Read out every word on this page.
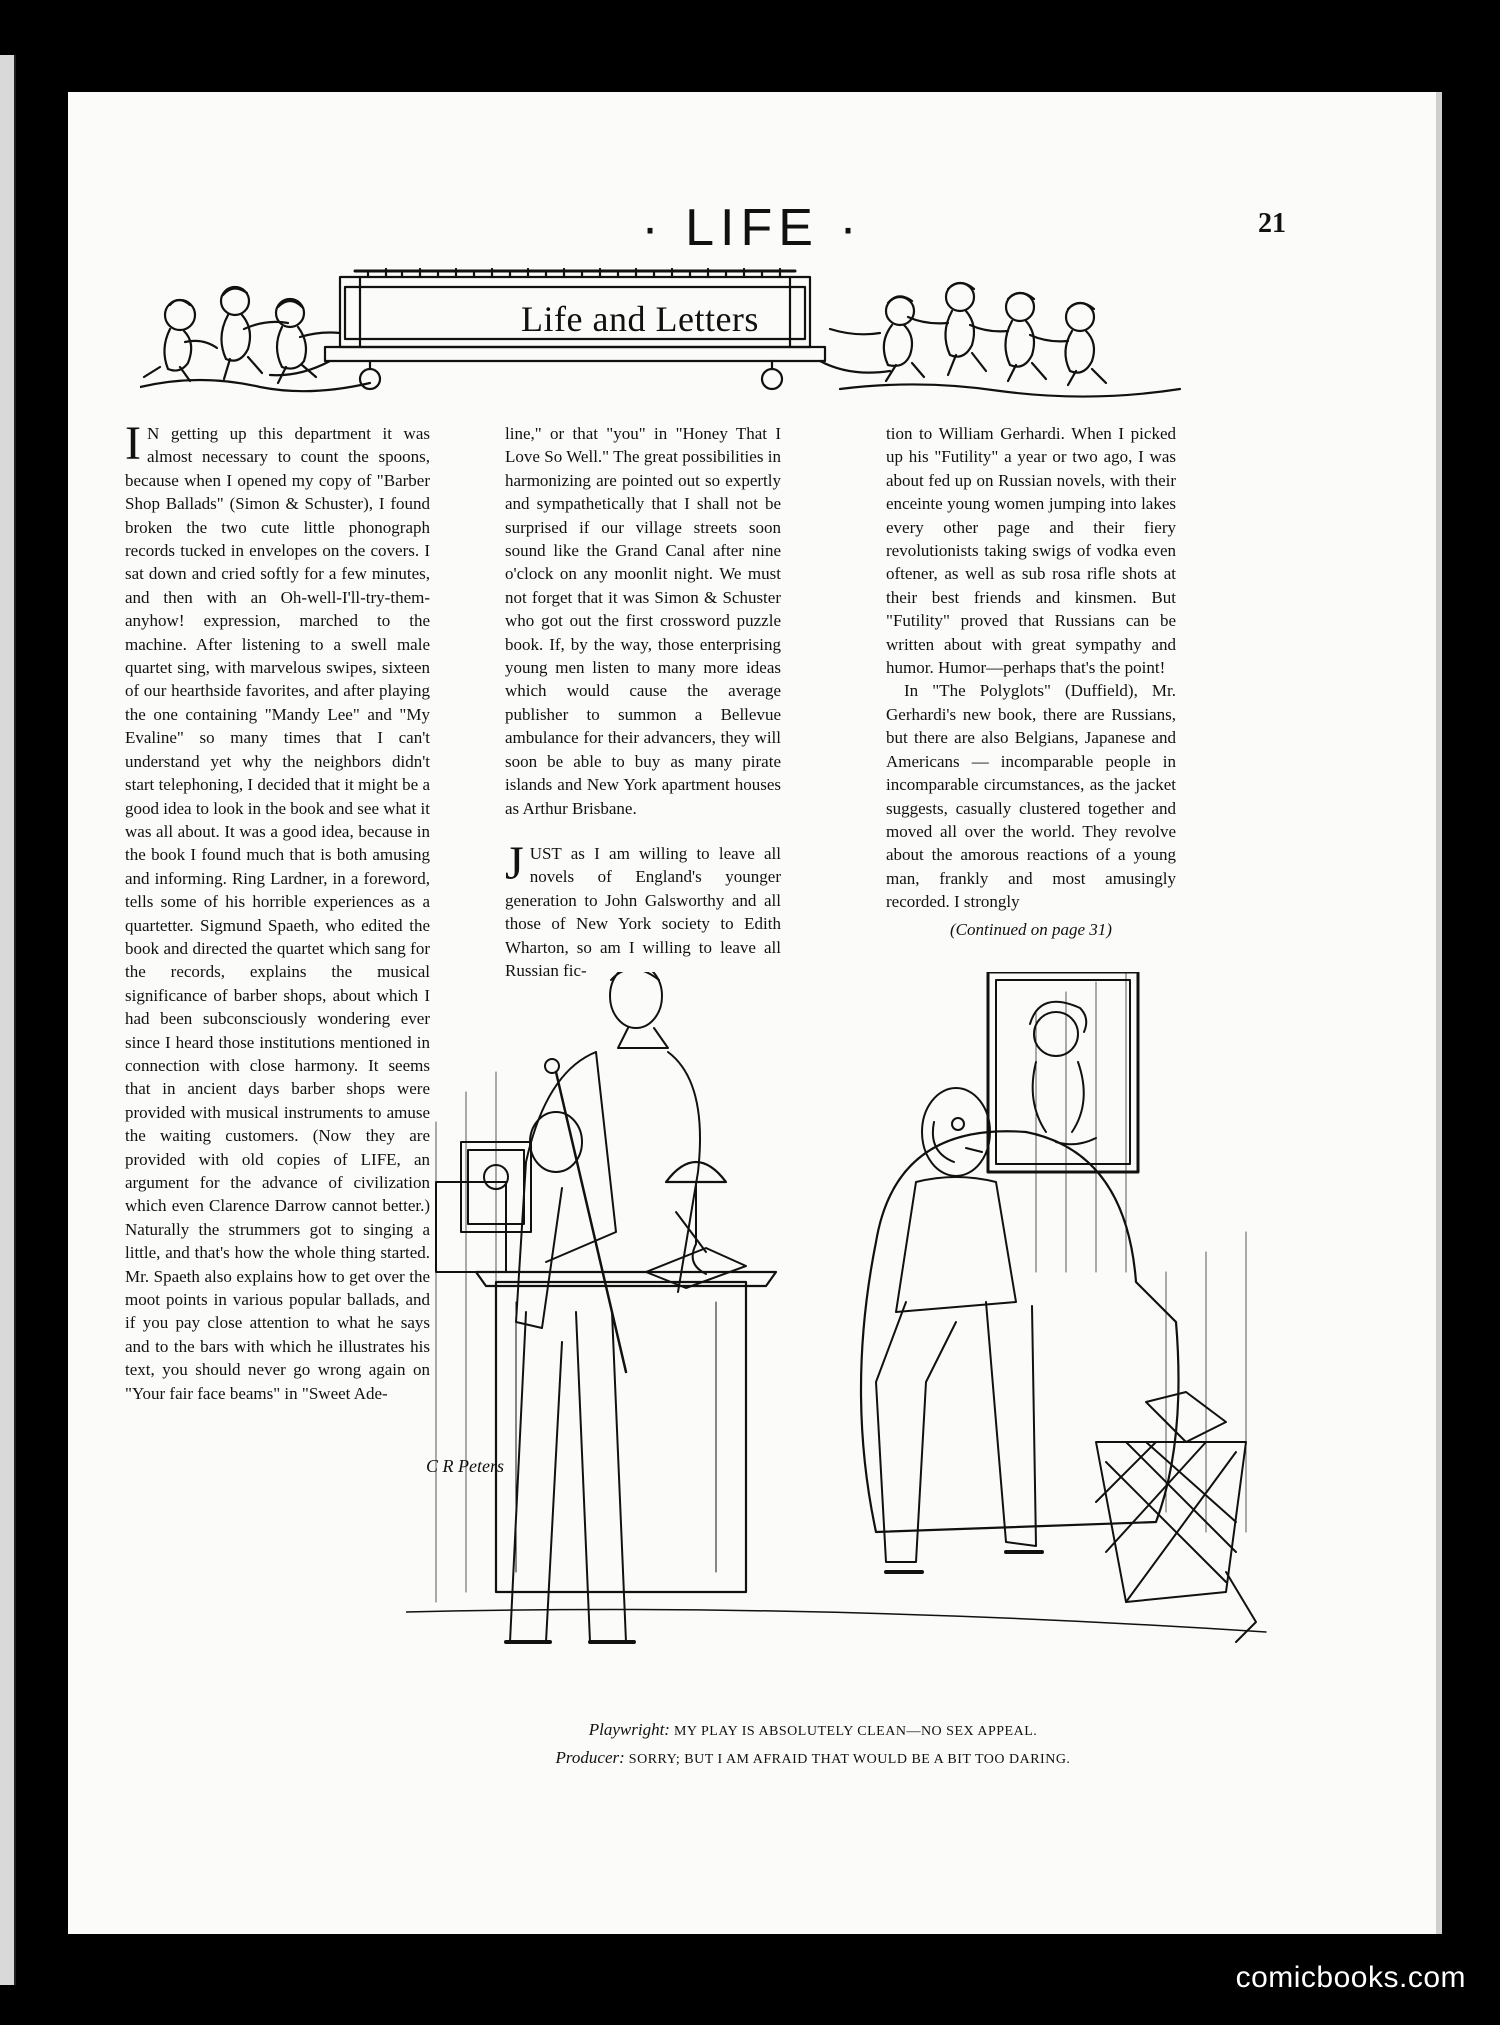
· LIFE ·	21
Life and Letters

I N getting up this department it was almost necessary to count the spoons, because when I opened my copy of "Barber Shop Ballads" (Simon & Schuster), I found broken the two cute little phonograph records tucked in envelopes on the covers. I sat down and cried softly for a few minutes, and then with an Oh-well-I'll-try-them-anyhow! expression, marched to the machine. After listening to a swell male quartet sing, with marvelous swipes, sixteen of our hearthside favorites, and after playing the one containing "Mandy Lee" and "My Evaline" so many times that I can't understand yet why the neighbors didn't start telephoning, I decided that it might be a good idea to look in the book and see what it was all about. It was a good idea, because in the book I found much that is both amusing and informing. Ring Lardner, in a foreword, tells some of his horrible experiences as a quartetter. Sigmund Spaeth, who edited the book and directed the quartet which sang for the records, explains the musical significance of barber shops, about which I had been subconsciously wondering ever since I heard those institutions mentioned in connection with close harmony. It seems that in ancient days barber shops were provided with musical instruments to amuse the waiting customers. (Now they are provided with old copies of LIFE, an argument for the advance of civilization which even Clarence Darrow cannot better.) Naturally the strummers got to singing a little, and that's how the whole thing started. Mr. Spaeth also explains how to get over the moot points in various popular ballads, and if you pay close attention to what he says and to the bars with which he illustrates his text, you should never go wrong again on "Your fair face beams" in "Sweet Ade-

line," or that "you" in "Honey That I Love So Well." The great possibilities in harmonizing are pointed out so expertly and sympathetically that I shall not be surprised if our village streets soon sound like the Grand Canal after nine o'clock on any moonlit night. We must not forget that it was Simon & Schuster who got out the first crossword puzzle book. If, by the way, those enterprising young men listen to many more ideas which would cause the average publisher to summon a Bellevue ambulance for their advancers, they will soon be able to buy as many pirate islands and New York apartment houses as Arthur Brisbane.

JUST as I am willing to leave all novels of England's younger generation to John Galsworthy and all those of New York society to Edith Wharton, so am I willing to leave all Russian fic-

tion to William Gerhardi. When I picked up his "Futility" a year or two ago, I was about fed up on Russian novels, with their enceinte young women jumping into lakes every other page and their fiery revolutionists taking swigs of vodka even oftener, as well as sub rosa rifle shots at their best friends and kinsmen. But "Futility" proved that Russians can be written about with great sympathy and humor. Humor—perhaps that's the point!

In "The Polyglots" (Duffield), Mr. Gerhardi's new book, there are Russians, but there are also Belgians, Japanese and Americans — incomparable people in incomparable circumstances, as the jacket suggests, casually clustered together and moved all over the world. They revolve about the amorous reactions of a young man, frankly and most amusingly recorded. I strongly

(Continued on page 31)

C R Peters
Playwright: MY PLAY IS ABSOLUTELY CLEAN—NO SEX APPEAL.
Producer: SORRY; BUT I AM AFRAID THAT WOULD BE A BIT TOO DARING.
comicbooks.com
